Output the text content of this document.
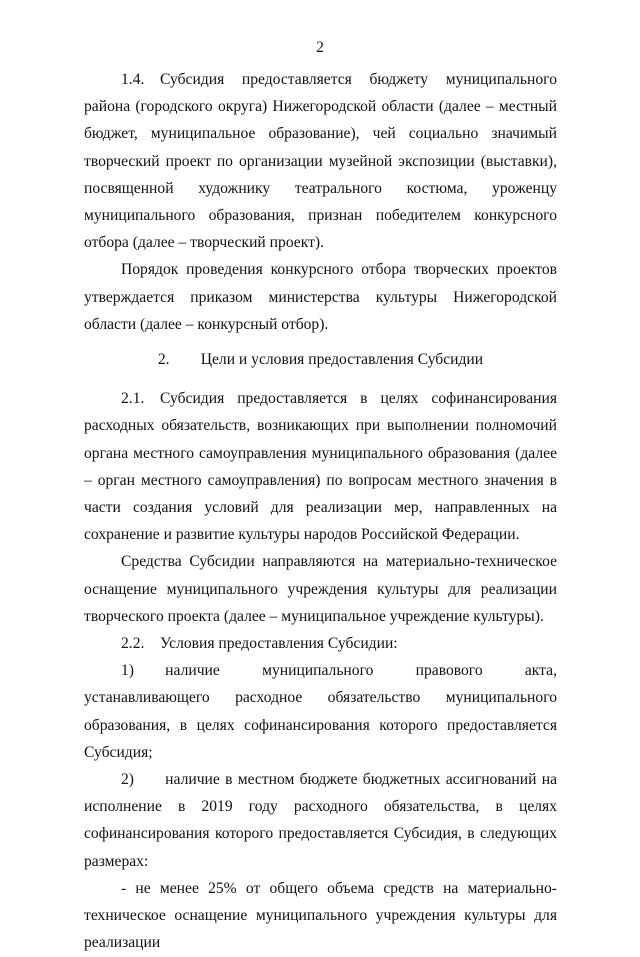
2

1.4. Субсидия предоставляется бюджету муниципального района (городского округа) Нижегородской области (далее – местный бюджет, муниципальное образование), чей социально значимый творческий проект по организации музейной экспозиции (выставки), посвященной художнику театрального костюма, уроженцу муниципального образования, признан победителем конкурсного отбора (далее – творческий проект).

Порядок проведения конкурсного отбора творческих проектов утверждается приказом министерства культуры Нижегородской области (далее – конкурсный отбор).

2.  Цели и условия предоставления Субсидии

2.1. Субсидия предоставляется в целях софинансирования расходных обязательств, возникающих при выполнении полномочий органа местного самоуправления муниципального образования (далее – орган местного самоуправления) по вопросам местного значения в части создания условий для реализации мер, направленных на сохранение и развитие культуры народов Российской Федерации.

Средства Субсидии направляются на материально-техническое оснащение муниципального учреждения культуры для реализации творческого проекта (далее – муниципальное учреждение культуры).

2.2. Условия предоставления Субсидии:

1)  наличие муниципального правового акта, устанавливающего расходное обязательство муниципального образования, в целях софинансирования которого предоставляется Субсидия;

2)  наличие в местном бюджете бюджетных ассигнований на исполнение в 2019 году расходного обязательства, в целях софинансирования которого предоставляется Субсидия, в следующих размерах:

- не менее 25% от общего объема средств на материально-техническое оснащение муниципального учреждения культуры для реализации
